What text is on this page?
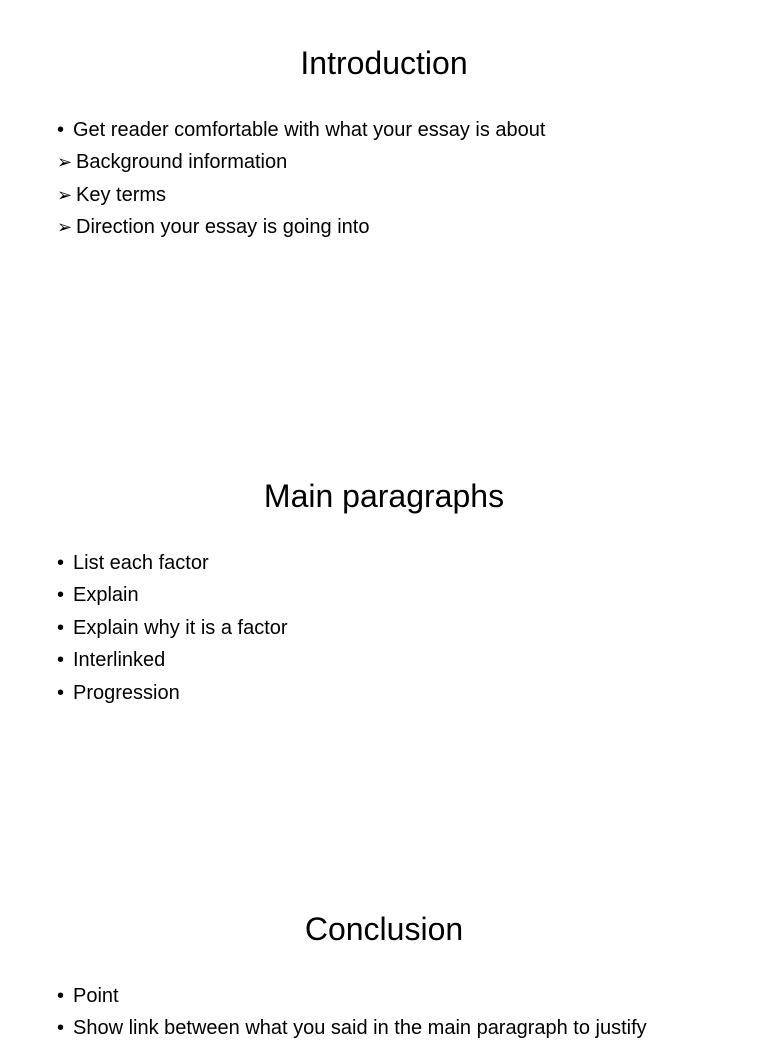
Introduction
• Get reader comfortable with what your essay is about
➢ Background information
➢ Key terms
➢ Direction your essay is going into
Main paragraphs
• List each factor
• Explain
• Explain why it is a factor
• Interlinked
• Progression
Conclusion
• Point
• Show link between what you said in the main paragraph to justify
